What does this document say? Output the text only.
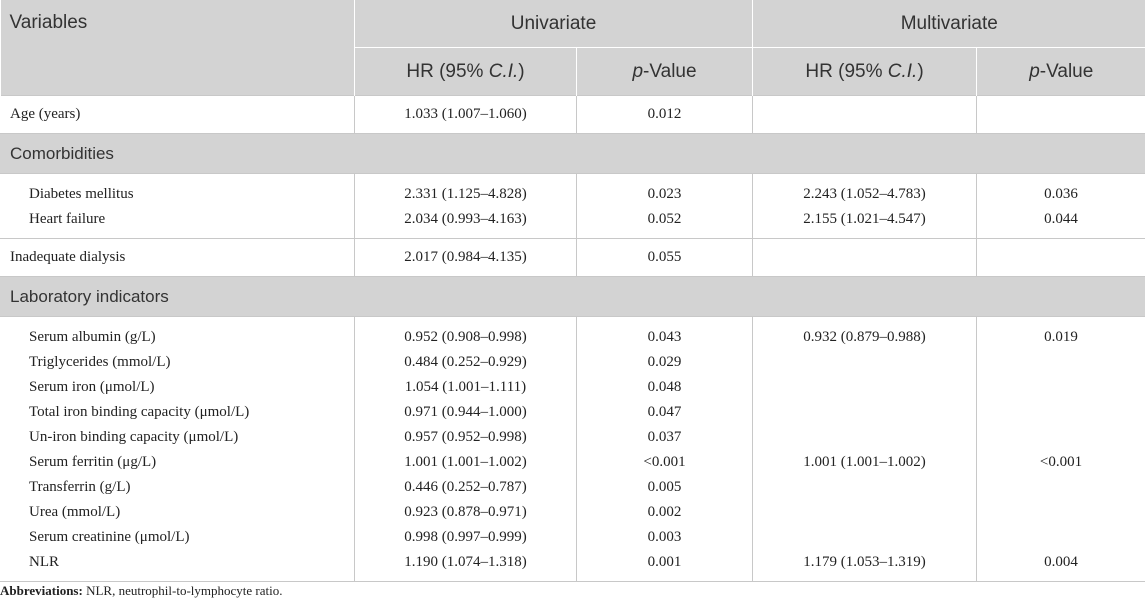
Variables	Univariate		Multivariate	
	HR (95% C.I.)	p-Value	HR (95% C.I.)	p-Value
Age (years)	1.033 (1.007–1.060)	0.012		
Comorbidities				
Diabetes mellitus	2.331 (1.125–4.828)	0.023	2.243 (1.052–4.783)	0.036
Heart failure	2.034 (0.993–4.163)	0.052	2.155 (1.021–4.547)	0.044
Inadequate dialysis	2.017 (0.984–4.135)	0.055		
Laboratory indicators				
Serum albumin (g/L)	0.952 (0.908–0.998)	0.043	0.932 (0.879–0.988)	0.019
Triglycerides (mmol/L)	0.484 (0.252–0.929)	0.029		
Serum iron (μmol/L)	1.054 (1.001–1.111)	0.048		
Total iron binding capacity (μmol/L)	0.971 (0.944–1.000)	0.047		
Un-iron binding capacity (μmol/L)	0.957 (0.952–0.998)	0.037		
Serum ferritin (μg/L)	1.001 (1.001–1.002)	<0.001	1.001 (1.001–1.002)	<0.001
Transferrin (g/L)	0.446 (0.252–0.787)	0.005		
Urea (mmol/L)	0.923 (0.878–0.971)	0.002		
Serum creatinine (μmol/L)	0.998 (0.997–0.999)	0.003		
NLR	1.190 (1.074–1.318)	0.001	1.179 (1.053–1.319)	0.004
Abbreviations: NLR, neutrophil-to-lymphocyte ratio.
